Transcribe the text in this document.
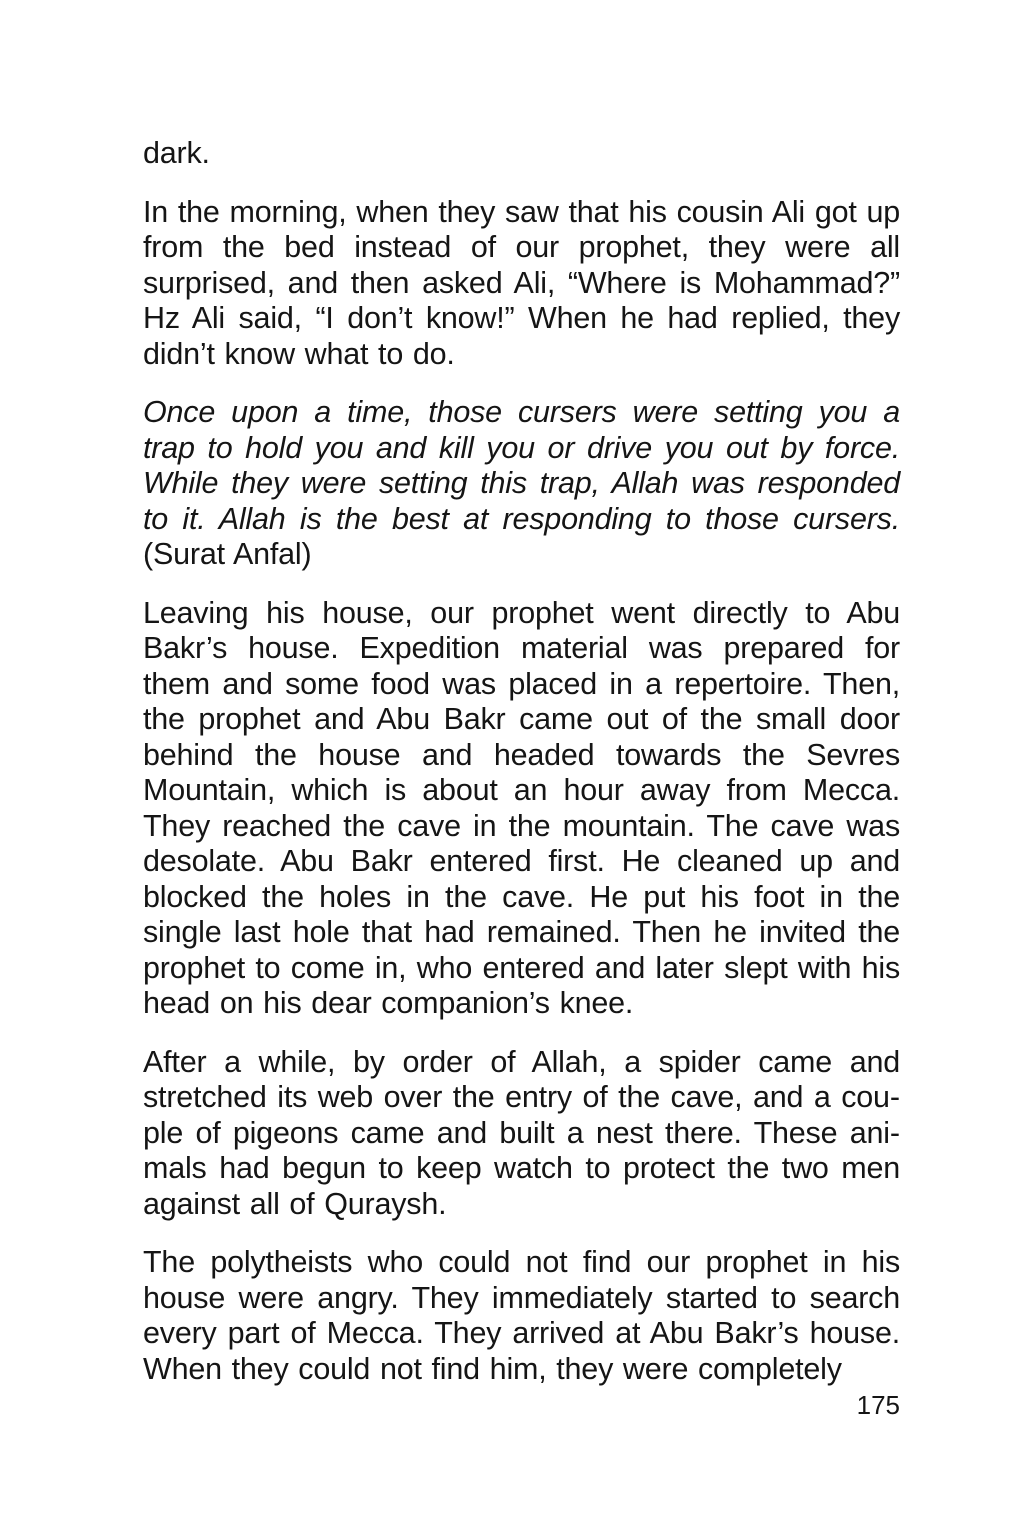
dark.

In the morning, when they saw that his cousin Ali got up from the bed instead of our prophet, they were all surprised, and then asked Ali, “Where is Mohammad?” Hz Ali said, “I don’t know!” When he had replied, they didn’t know what to do.

Once upon a time, those cursers were setting you a trap to hold you and kill you or drive you out by force. While they were setting this trap, Allah was responded to it. Allah is the best at responding to those cursers. (Surat Anfal)

Leaving his house, our prophet went directly to Abu Bakr’s house. Expedition material was prepared for them and some food was placed in a repertoire. Then, the prophet and Abu Bakr came out of the small door behind the house and headed towards the Sevres Mountain, which is about an hour away from Mecca. They reached the cave in the mountain. The cave was desolate. Abu Bakr entered first. He cleaned up and blocked the holes in the cave. He put his foot in the single last hole that had remained. Then he invited the prophet to come in, who entered and later slept with his head on his dear companion’s knee.

After a while, by order of Allah, a spider came and stretched its web over the entry of the cave, and a couple of pigeons came and built a nest there. These animals had begun to keep watch to protect the two men against all of Quraysh.

The polytheists who could not find our prophet in his house were angry. They immediately started to search every part of Mecca. They arrived at Abu Bakr’s house. When they could not find him, they were completely

175
